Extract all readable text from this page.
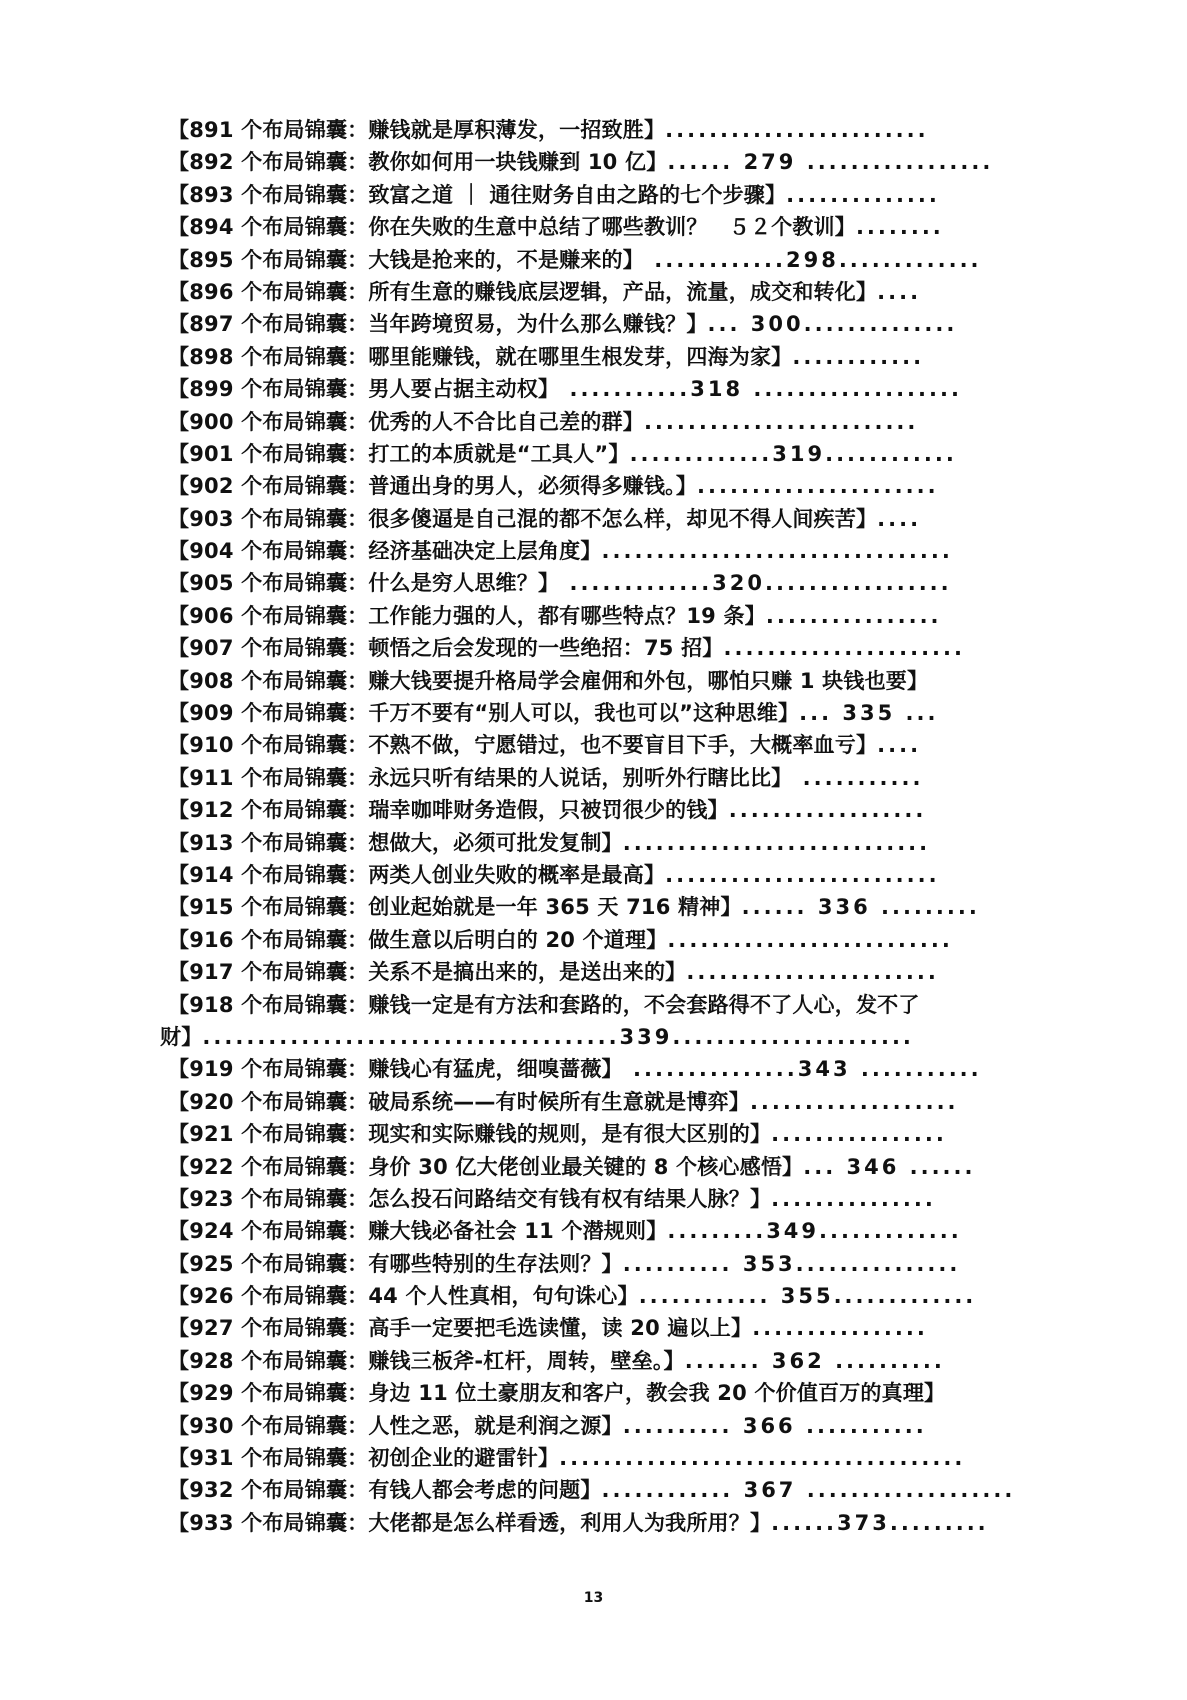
【891 个布局锦囊：赚钱就是厚积薄发，一招致胜】........................
【892 个布局锦囊：教你如何用一块钱赚到 10 亿】...... 279 .................
【893 个布局锦囊：致富之道 ｜ 通往财务自由之路的七个步骤】..............
【894 个布局锦囊：你在失败的生意中总结了哪些教训？　５２个教训】........
【895 个布局锦囊：大钱是抢来的，不是赚来的】 ............298.............
【896 个布局锦囊：所有生意的赚钱底层逻辑，产品，流量，成交和转化】....
【897 个布局锦囊：当年跨境贸易，为什么那么赚钱？】... 300..............
【898 个布局锦囊：哪里能赚钱，就在哪里生根发芽，四海为家】............
【899 个布局锦囊：男人要占据主动权】 ...........318 ...................
【900 个布局锦囊：优秀的人不合比自己差的群】.........................
【901 个布局锦囊：打工的本质就是“工具人”】.............319............
【902 个布局锦囊：普通出身的男人，必须得多赚钱。】......................
【903 个布局锦囊：很多傻逼是自己混的都不怎么样，却见不得人间疾苦】....
【904 个布局锦囊：经济基础决定上层角度】................................
【905 个布局锦囊：什么是穷人思维？】 .............320.................
【906 个布局锦囊：工作能力强的人，都有哪些特点？19 条】................
【907 个布局锦囊：顿悟之后会发现的一些绝招：75 招】......................
【908 个布局锦囊：赚大钱要提升格局学会雇佣和外包，哪怕只赚 1 块钱也要】
【909 个布局锦囊：千万不要有“别人可以，我也可以”这种思维】... 335 ...
【910 个布局锦囊：不熟不做，宁愿错过，也不要盲目下手，大概率血亏】....
【911 个布局锦囊：永远只听有结果的人说话，别听外行瞎比比】 ...........
【912 个布局锦囊：瑞幸咖啡财务造假，只被罚很少的钱】..................
【913 个布局锦囊：想做大，必须可批发复制】............................
【914 个布局锦囊：两类人创业失败的概率是最高】.........................
【915 个布局锦囊：创业起始就是一年 365 天 716 精神】...... 336 .........
【916 个布局锦囊：做生意以后明白的 20 个道理】..........................
【917 个布局锦囊：关系不是搞出来的，是送出来的】.......................
【918 个布局锦囊：赚钱一定是有方法和套路的，不会套路得不了人心，发不了
财】......................................339......................
【919 个布局锦囊：赚钱心有猛虎，细嗅蔷薇】 ...............343 ...........
【920 个布局锦囊：破局系统——有时候所有生意就是博弈】...................
【921 个布局锦囊：现实和实际赚钱的规则，是有很大区别的】................
【922 个布局锦囊：身价 30 亿大佬创业最关键的 8 个核心感悟】... 346 ......
【923 个布局锦囊：怎么投石问路结交有钱有权有结果人脉？】...............
【924 个布局锦囊：赚大钱必备社会 11 个潜规则】.........349.............
【925 个布局锦囊：有哪些特别的生存法则？】.......... 353...............
【926 个布局锦囊：44 个人性真相，句句诛心】............ 355.............
【927 个布局锦囊：高手一定要把毛选读懂，读 20 遍以上】................
【928 个布局锦囊：赚钱三板斧-杠杆，周转，壁垒。】....... 362 ..........
【929 个布局锦囊：身边 11 位土豪朋友和客户，教会我 20 个价值百万的真理】
【930 个布局锦囊：人性之恶，就是利润之源】.......... 366 ...........
【931 个布局锦囊：初创企业的避雷针】.....................................
【932 个布局锦囊：有钱人都会考虑的问题】............ 367 ...................
【933 个布局锦囊：大佬都是怎么样看透，利用人为我所用？】......373.........
13
